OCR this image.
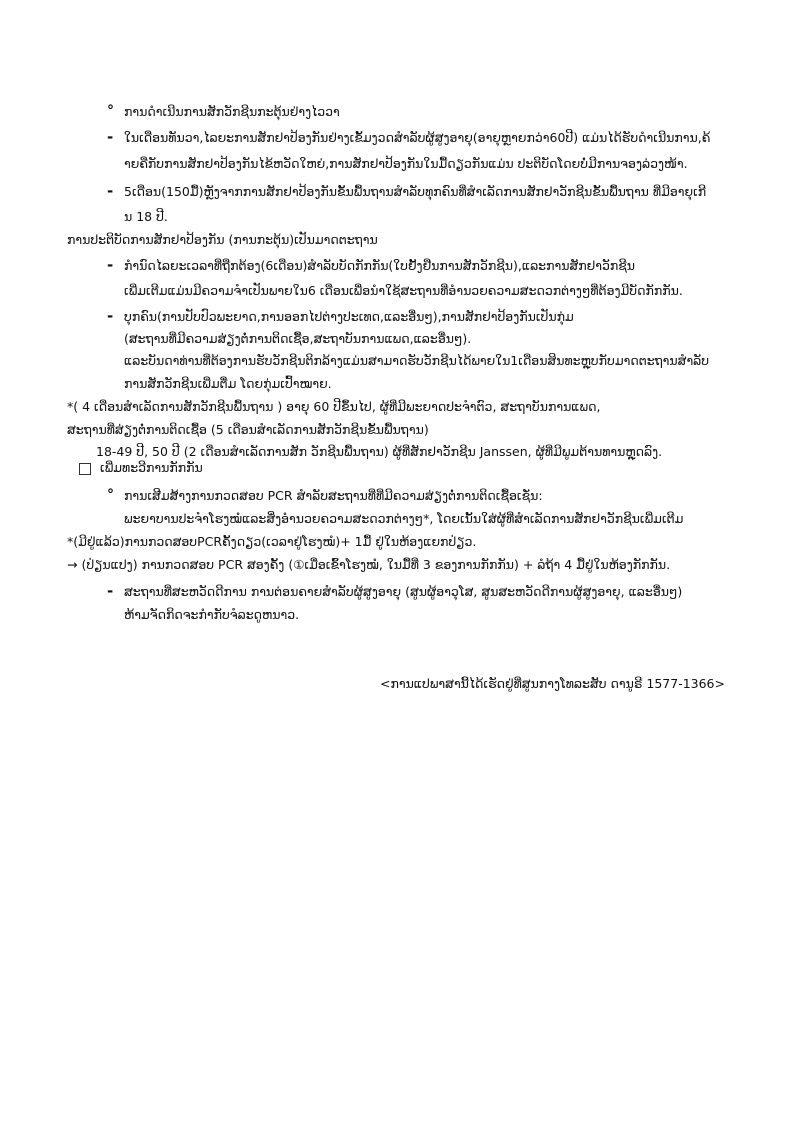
° ການດຳເນີນການສັກວັກຊີນກະຕຸ້ນຢ່າງໄວວາ
- ໃນເດືອນທັນວາ,ໄລຍະການສັກຢາປ້ອງກັນຢ່າງເຂັ້ມງວດສຳລັບຜູ້ສູງອາຍຸ(ອາຍຸຫຼາຍກວ່າ60ປີ) ແມ່ນໄດ້ຮັບດຳເນີນການ,ຄ້
າຍຄືກັບການສັກຢາປ້ອງກັນໄຂ້ຫວັດໃຫຍ່,ການສັກຢາປ້ອງກັນໃນມື້ດຽວກັນແມ່ນ ປະຕິບັດໂດຍບໍ່ມີການຈອງລ່ວງໜ້າ.
- 5ເດືອນ(150ມື້)ຫຼັງຈາກການສັກຢາປ້ອງກັນຂັ້ນພື້ນຖານສຳລັບທຸກຄົນທີ່ສຳເລັດການສັກຢາວັກຊີນຂັ້ນພື້ນຖານ ທີ່ມີອາຍຸເກີ
ນ 18 ປີ.
ການປະຕິບັດການສັກຢາປ້ອງກັນ (ການກະຕຸ້ນ)ເປັນມາດຕະຖານ
- ກຳນົດໄລຍະເວລາທີ່ຖືກຕ້ອງ(6ເດືອນ)ສຳລັບບັດກັກກັນ(ໃບຢັ້ງຢືນການສັກວັກຊີນ),ແລະການສັກຢາວັກຊີນ
ເພີ່ມເຕີມແມ່ນມີຄວາມຈຳເປັນພາຍໃນ6 ເດືອນເພື່ອນຳໃຊ້ສະຖານທີ່ອຳນວຍຄວາມສະດວກຕ່າງໆທີ່ຕ້ອງມີບັດກັກກັນ.
- ບຸກຄົນ(ການປັບປົວພະຍາດ,ການອອກໄປຕ່າງປະເທດ,ແລະອື່ນໆ),ການສັກຢາປ້ອງກັນເປັນກຸ່ມ
(ສະຖານທີ່ມີຄວາມສ່ຽງຕໍ່ການຕິດເຊື້ອ,ສະຖາບັນການແພດ,ແລະອື່ນໆ).
ແລະບັນດາທ່ານທີ່ຕ້ອງການຮັບວັກຊີນຕິກລ້າງແມ່ນສາມາດຮັບວັກຊີນໄດ້ພາຍໃນ1ເດືອນສິນທະຫຼຸບກັບມາດຕະຖານສຳລັບ
ການສັກວັກຊີນເພີ່ມຕື່ມ ໂດຍກຸ່ມເປົ້າໝາຍ.
*( 4 ເດືອນສຳເລັດການສັກວັກຊີນພື້ນຖານ ) ອາຍຸ 60 ປີຂຶ້ນໄປ, ຜູ້ທີ່ມີພະຍາດປະຈຳຕົວ, ສະຖາບັນການແພດ,
ສະຖານທີ່ສ່ຽງຕໍ່ການຕິດເຊື້ອ (5 ເດືອນສຳເລັດການສັກວັກຊີນຂັ້ນພື້ນຖານ)
18-49 ປີ, 50 ປີ (2 ເດືອນສຳເລັດການສັກ ວັກຊີນພື້ນຖານ) ຜູ້ທີ່ສັກຢາວັກຊີນ Janssen, ຜູ້ທີ່ມີພູມຕ້ານທານຫຼຸດລົງ.
ເພີ່ມທະວີການກັກກັນ
° ການເສີມສ້າງການກວດສອບ PCR ສຳລັບສະຖານທີ່ທີ່ມີຄວາມສ່ຽງຕໍ່ການຕິດເຊື້ອເຊັ່ນ:
ພະຍາບານປະຈຳໂຮງໝໍແລະສິ່ງອຳນວຍຄວາມສະດວກຕ່າງໆ*, ໂດຍເນັ້ນໃສ່ຜູ້ທີ່ສຳເລັດການສັກຢາວັກຊີນເພີ່ມເຕີມ
*(ມີຢູ່ແລ້ວ)ການກວດສອບPCRຄັ້ງດຽວ(ເວລາຢູ່ໂຮງໝໍ)+ 1ມື້ ຢູ່ໃນຫ້ອງແຍກປ່ຽວ.
→ (ປ່ຽນແປງ) ການກວດສອບ PCR ສອງຄັ້ງ (①ເມື່ອເຂົ້າໂຮງໝໍ, ໃນມື້ທີ່ 3 ຂອງການກັກກັນ) + ລໍຖ້າ 4 ມື້ຢູ່ໃນຫ້ອງກັກກັນ.
- ສະຖານທີ່ສະຫວັດດີການ ການຕ່ອນຄາຍສຳລັບຜູ້ສູງອາຍຸ (ສູນຜູ້ອາວຸໂສ, ສູນສະຫວັດດີການຜູ້ສູງອາຍຸ, ແລະອື່ນໆ)
ຫ້າມຈັດກິດຈະກຳກັບຈໍລະດູຫນາວ.
<ການແປພາສານີ້ໄດ້ເຮັດຢູ່ທີ່ສູນກາງໂທລະສັບ ດານູຣີ 1577-1366>
